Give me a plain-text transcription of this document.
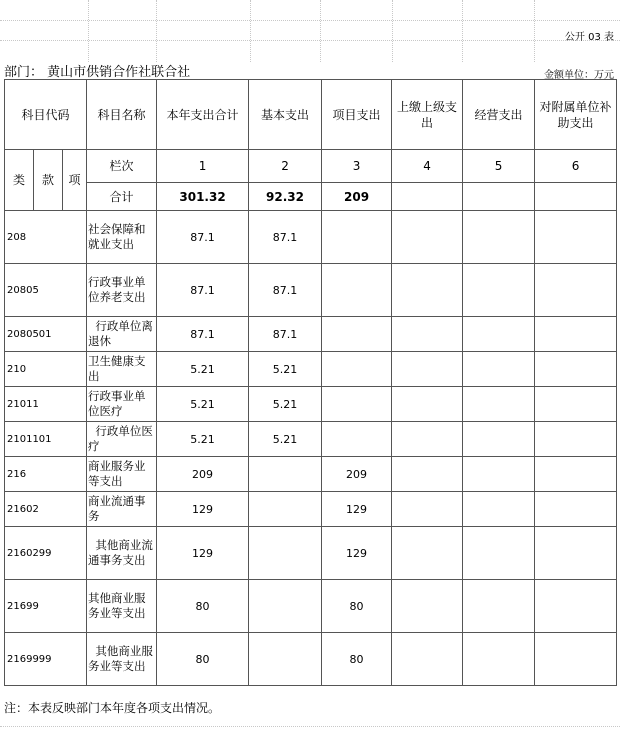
公开 03 表
部门： 黄山市供销合作社联合社	金额单位：万元
科目代码			科目名称	本年支出合计	基本支出	项目支出	上缴上级支出	经营支出	对附属单位补助支出
类	款	项	栏次	1	2	3	4	5	6
			合计	301.32	92.32	209			
208			社会保障和就业支出	87.1	87.1				
20805			行政事业单位养老支出	87.1	87.1				
2080501			行政单位离退休	87.1	87.1				
210			卫生健康支出	5.21	5.21				
21011			行政事业单位医疗	5.21	5.21				
2101101			行政单位医疗	5.21	5.21				
216			商业服务业等支出	209		209			
21602			商业流通事务	129		129			
2160299			其他商业流通事务支出	129		129			
21699			其他商业服务业等支出	80		80			
2169999			其他商业服务业等支出	80		80			
注：本表反映部门本年度各项支出情况。
